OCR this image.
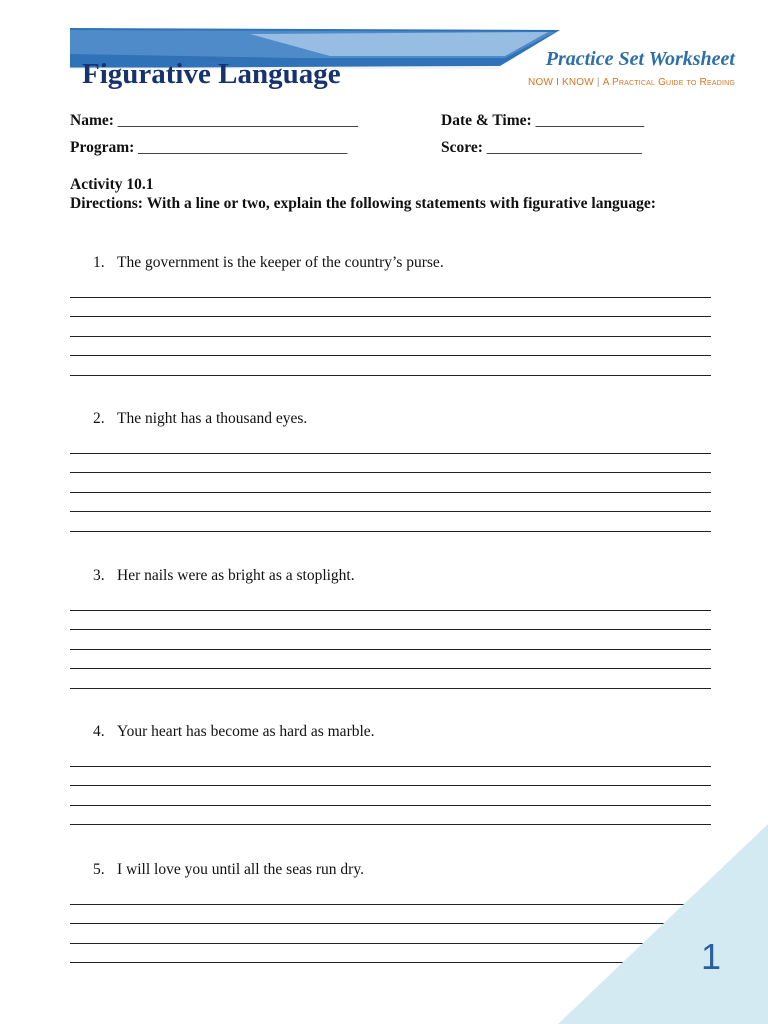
Figurative Language	Practice Set Worksheet
NOW I KNOW | A Practical Guide to Reading
Name: _______________________________	Date & Time: ______________
Program: ___________________________	Score: ____________________
Activity 10.1
Directions: With a line or two, explain the following statements with figurative language:

1. The government is the keeper of the country’s purse.

2. The night has a thousand eyes.

3. Her nails were as bright as a stoplight.

4. Your heart has become as hard as marble.

5. I will love you until all the seas run dry.

1
